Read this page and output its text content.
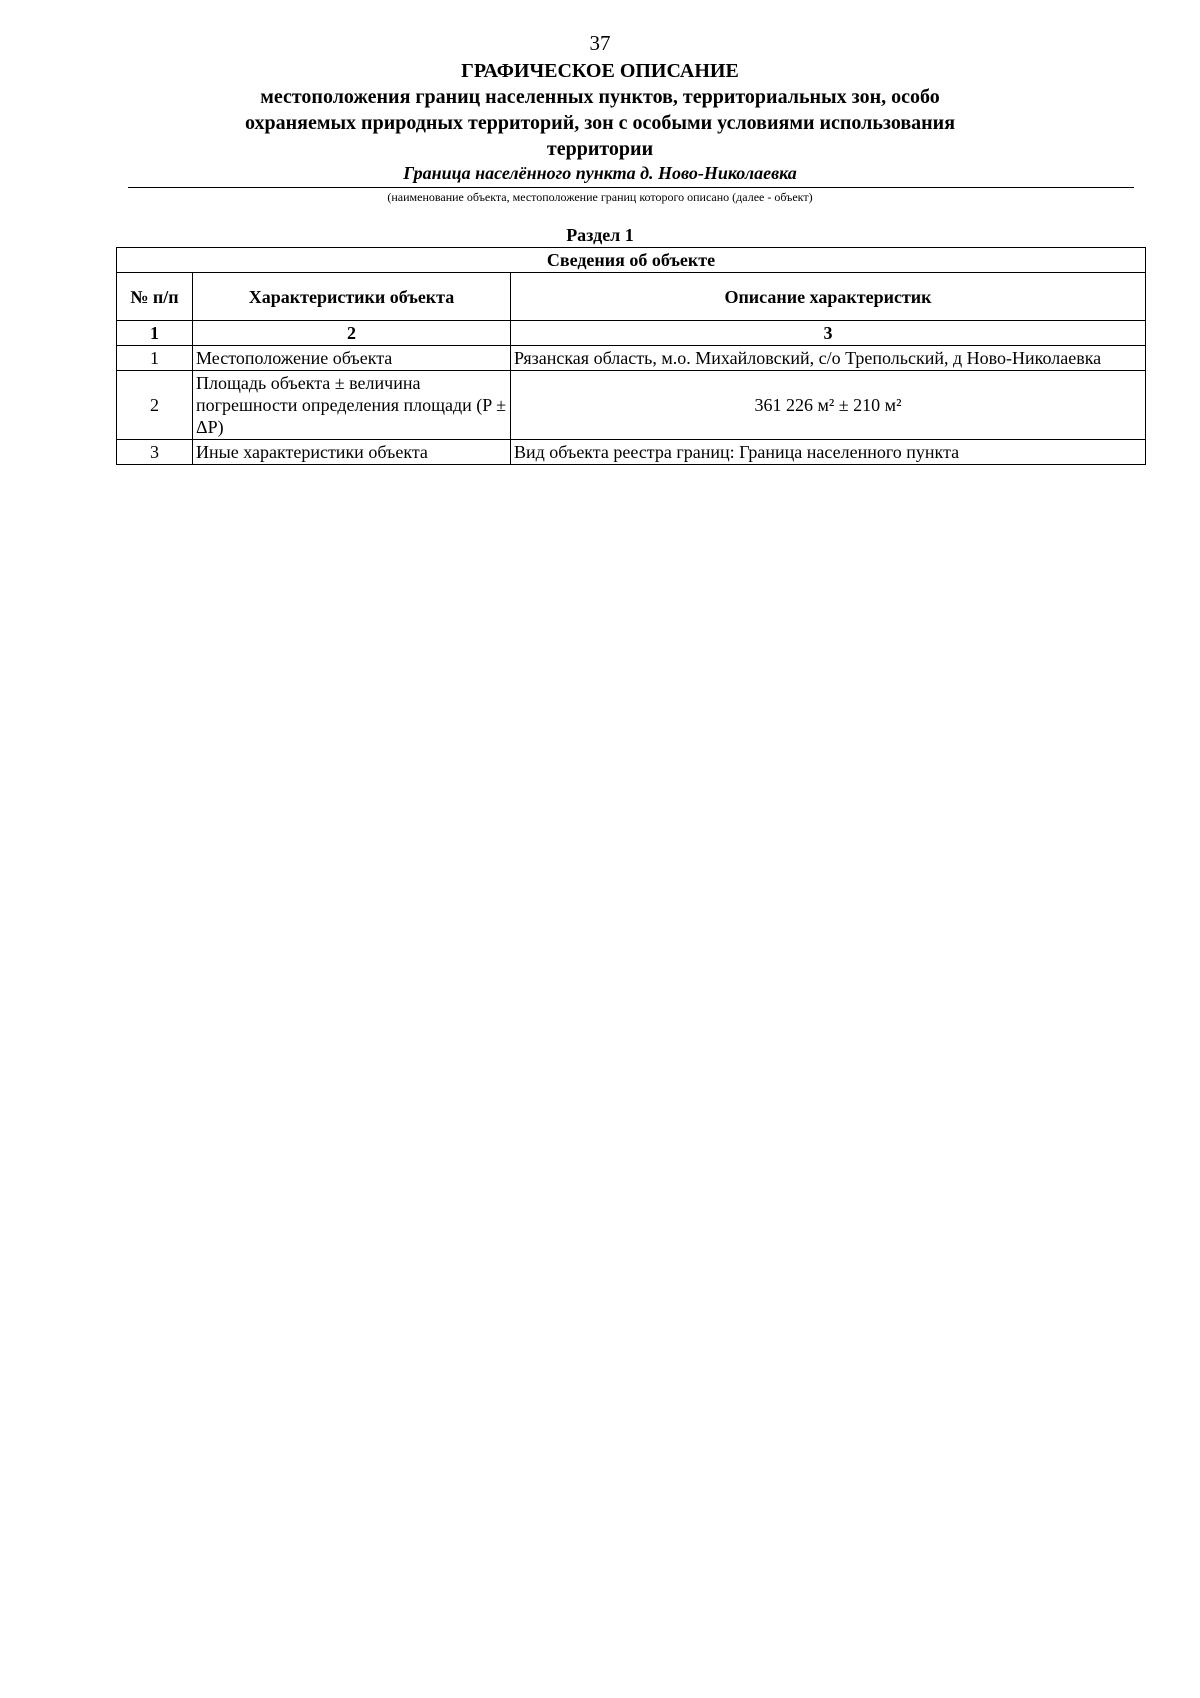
37
ГРАФИЧЕСКОЕ ОПИСАНИЕ
местоположения границ населенных пунктов, территориальных зон, особо охраняемых природных территорий, зон с особыми условиями использования территории
Граница населённого пункта д. Ново-Николаевка
(наименование объекта, местоположение границ которого описано (далее - объект)
Раздел 1
Сведения об объекте		
№ п/п	Характеристики объекта	Описание характеристик
1	2	3
1	Местоположение объекта	Рязанская область, м.о. Михайловский, с/о Трепольский, д Ново-Николаевка
2	Площадь объекта ± величина погрешности определения площади (P ± ΔP)	361 226 м² ± 210 м²
3	Иные характеристики объекта	Вид объекта реестра границ: Граница населенного пункта
